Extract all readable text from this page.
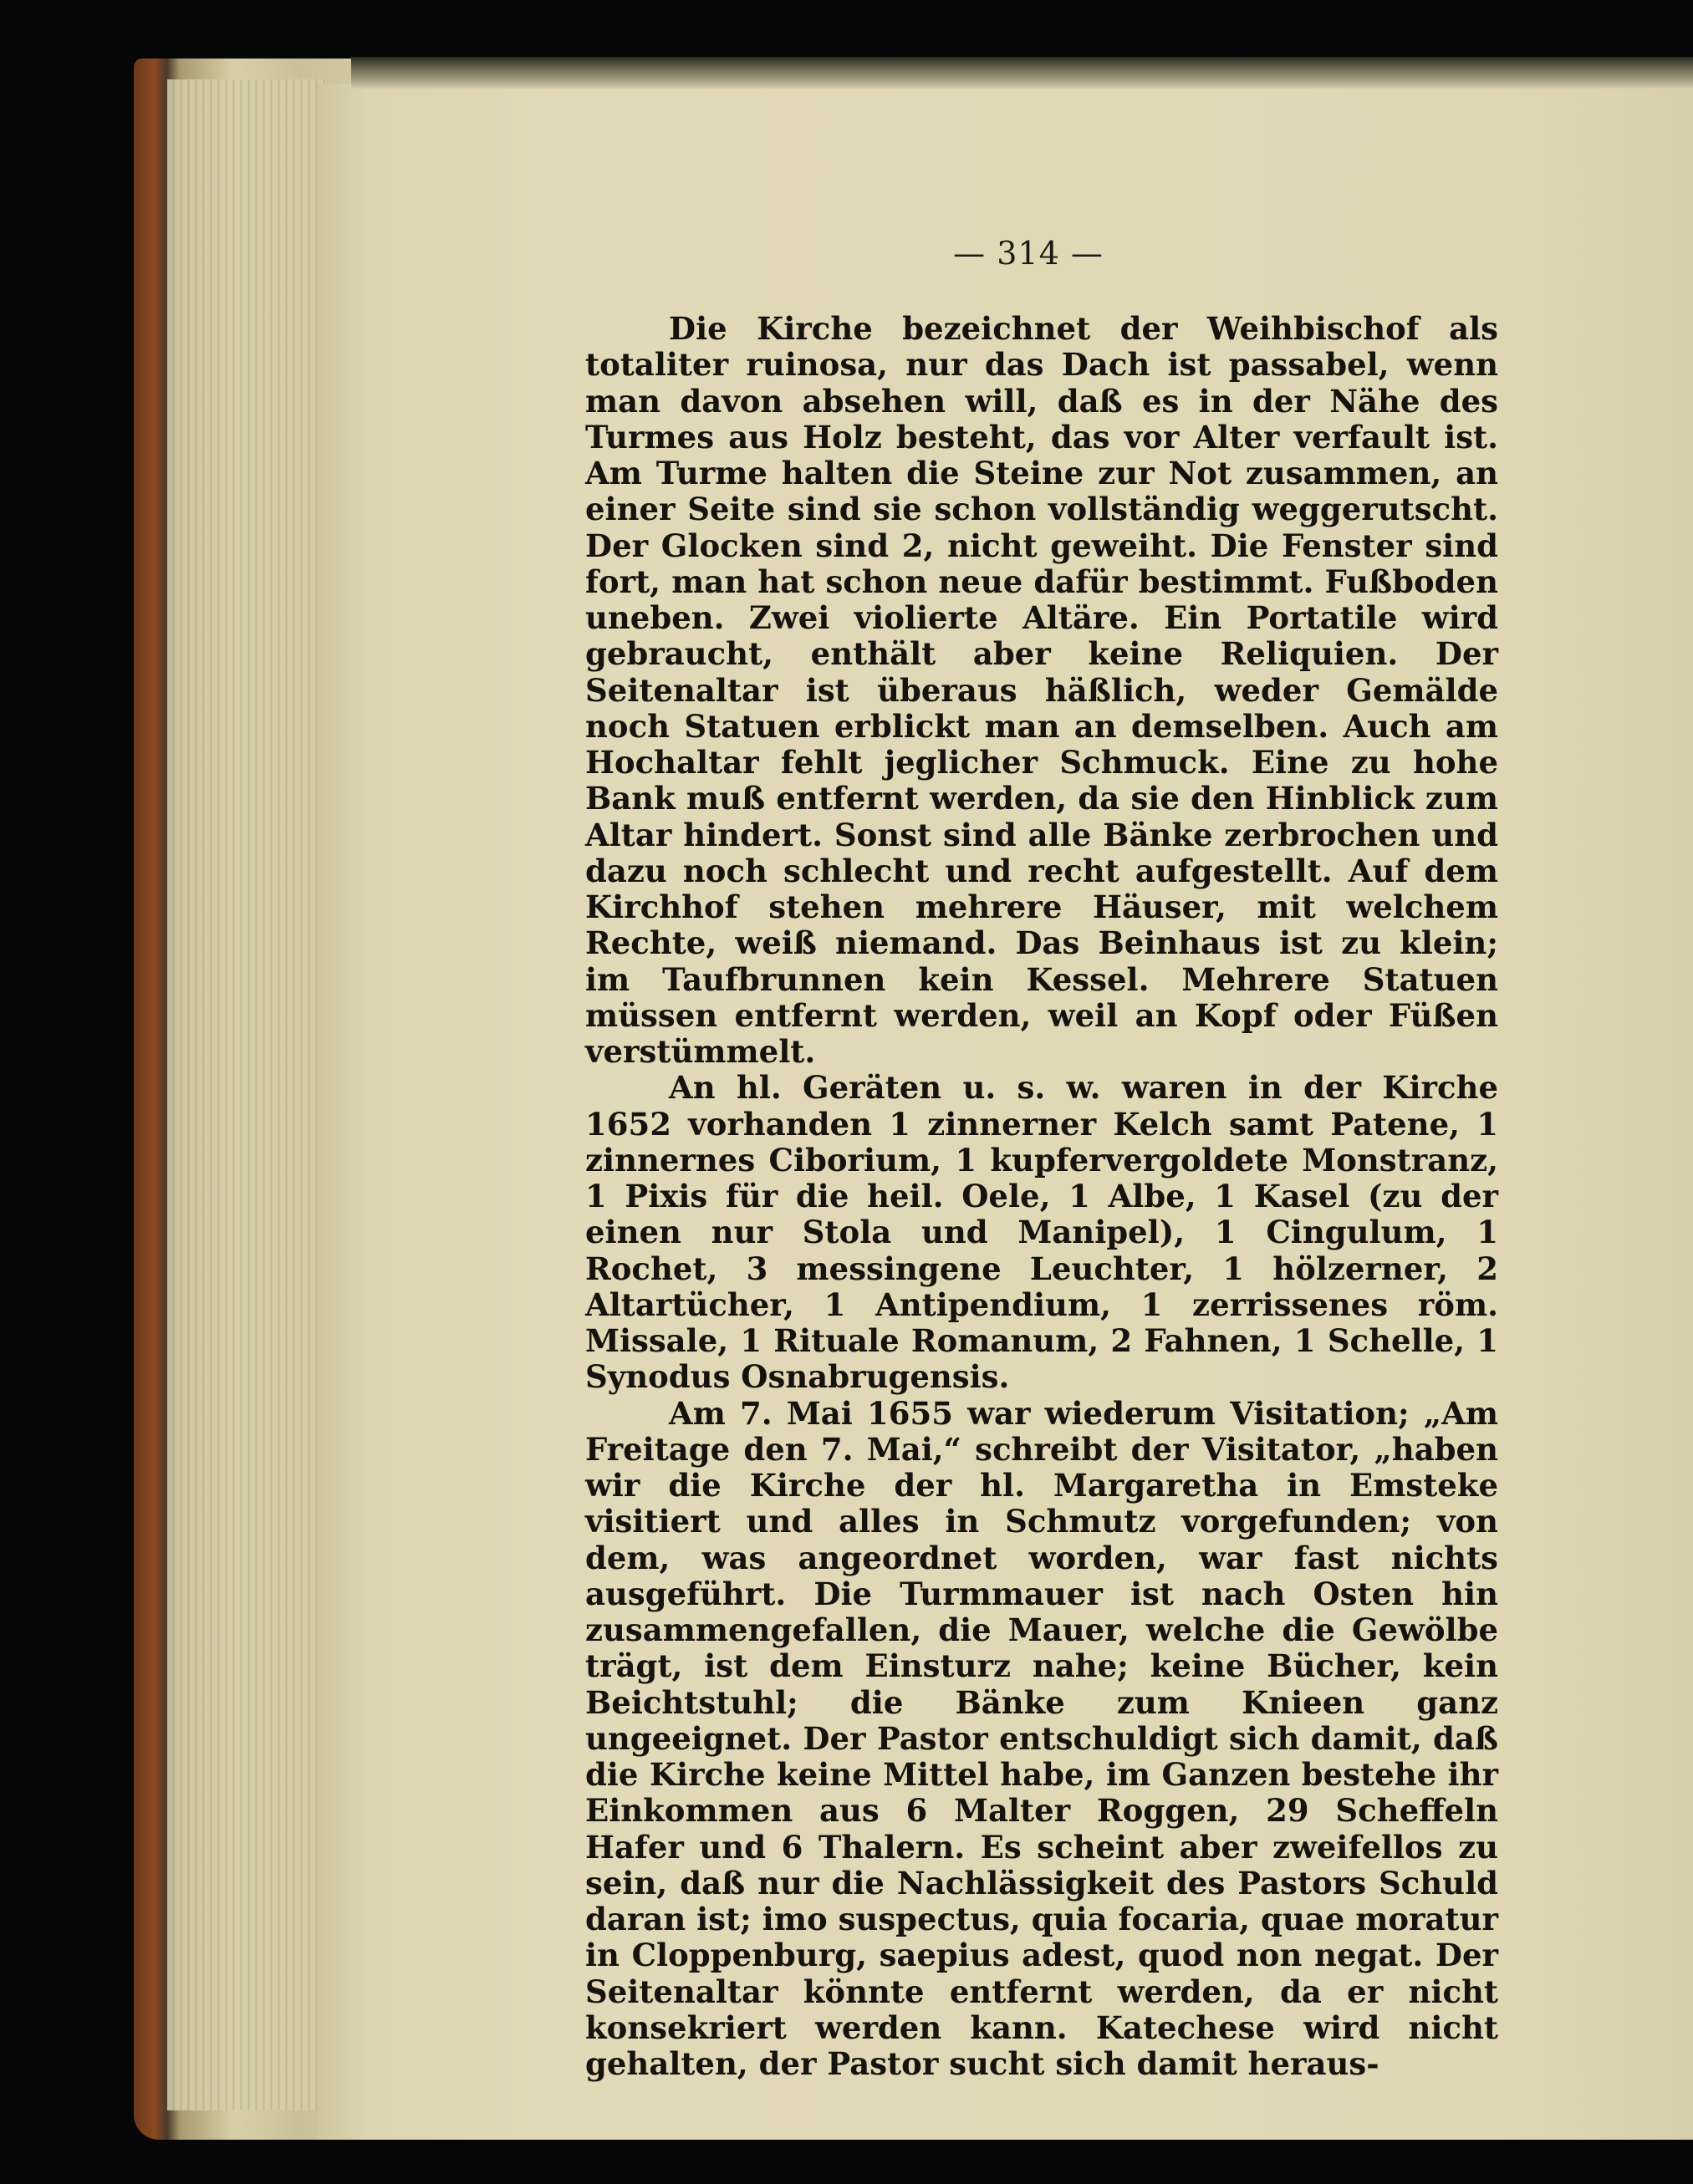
— 314 —

Die Kirche bezeichnet der Weihbischof als totaliter ruinosa, nur das Dach ist passabel, wenn man davon absehen will, daß es in der Nähe des Turmes aus Holz besteht, das vor Alter verfault ist. Am Turme halten die Steine zur Not zusammen, an einer Seite sind sie schon vollständig weggerutscht. Der Glocken sind 2, nicht geweiht. Die Fenster sind fort, man hat schon neue dafür bestimmt. Fußboden uneben. Zwei violierte Altäre. Ein Portatile wird gebraucht, enthält aber keine Reliquien. Der Seitenaltar ist überaus häßlich, weder Gemälde noch Statuen erblickt man an demselben. Auch am Hochaltar fehlt jeglicher Schmuck. Eine zu hohe Bank muß entfernt werden, da sie den Hinblick zum Altar hindert. Sonst sind alle Bänke zerbrochen und dazu noch schlecht und recht aufgestellt. Auf dem Kirchhof stehen mehrere Häuser, mit welchem Rechte, weiß niemand. Das Beinhaus ist zu klein; im Taufbrunnen kein Kessel. Mehrere Statuen müssen entfernt werden, weil an Kopf oder Füßen verstümmelt.

An hl. Geräten u. s. w. waren in der Kirche 1652 vorhanden 1 zinnerner Kelch samt Patene, 1 zinnernes Ciborium, 1 kupfervergoldete Monstranz, 1 Pixis für die heil. Oele, 1 Albe, 1 Kasel (zu der einen nur Stola und Manipel), 1 Cingulum, 1 Rochet, 3 messingene Leuchter, 1 hölzerner, 2 Altartücher, 1 Antipendium, 1 zerrissenes röm. Missale, 1 Rituale Romanum, 2 Fahnen, 1 Schelle, 1 Synodus Osnabrugensis.

Am 7. Mai 1655 war wiederum Visitation; „Am Freitage den 7. Mai,“ schreibt der Visitator, „haben wir die Kirche der hl. Margaretha in Emsteke visitiert und alles in Schmutz vorgefunden; von dem, was angeordnet worden, war fast nichts ausgeführt. Die Turmmauer ist nach Osten hin zusammengefallen, die Mauer, welche die Gewölbe trägt, ist dem Einsturz nahe; keine Bücher, kein Beichtstuhl; die Bänke zum Knieen ganz ungeeignet. Der Pastor entschuldigt sich damit, daß die Kirche keine Mittel habe, im Ganzen bestehe ihr Einkommen aus 6 Malter Roggen, 29 Scheffeln Hafer und 6 Thalern. Es scheint aber zweifellos zu sein, daß nur die Nachlässigkeit des Pastors Schuld daran ist; imo suspectus, quia focaria, quae moratur in Cloppenburg, saepius adest, quod non negat. Der Seitenaltar könnte entfernt werden, da er nicht konsekriert werden kann. Katechese wird nicht gehalten, der Pastor sucht sich damit heraus-
